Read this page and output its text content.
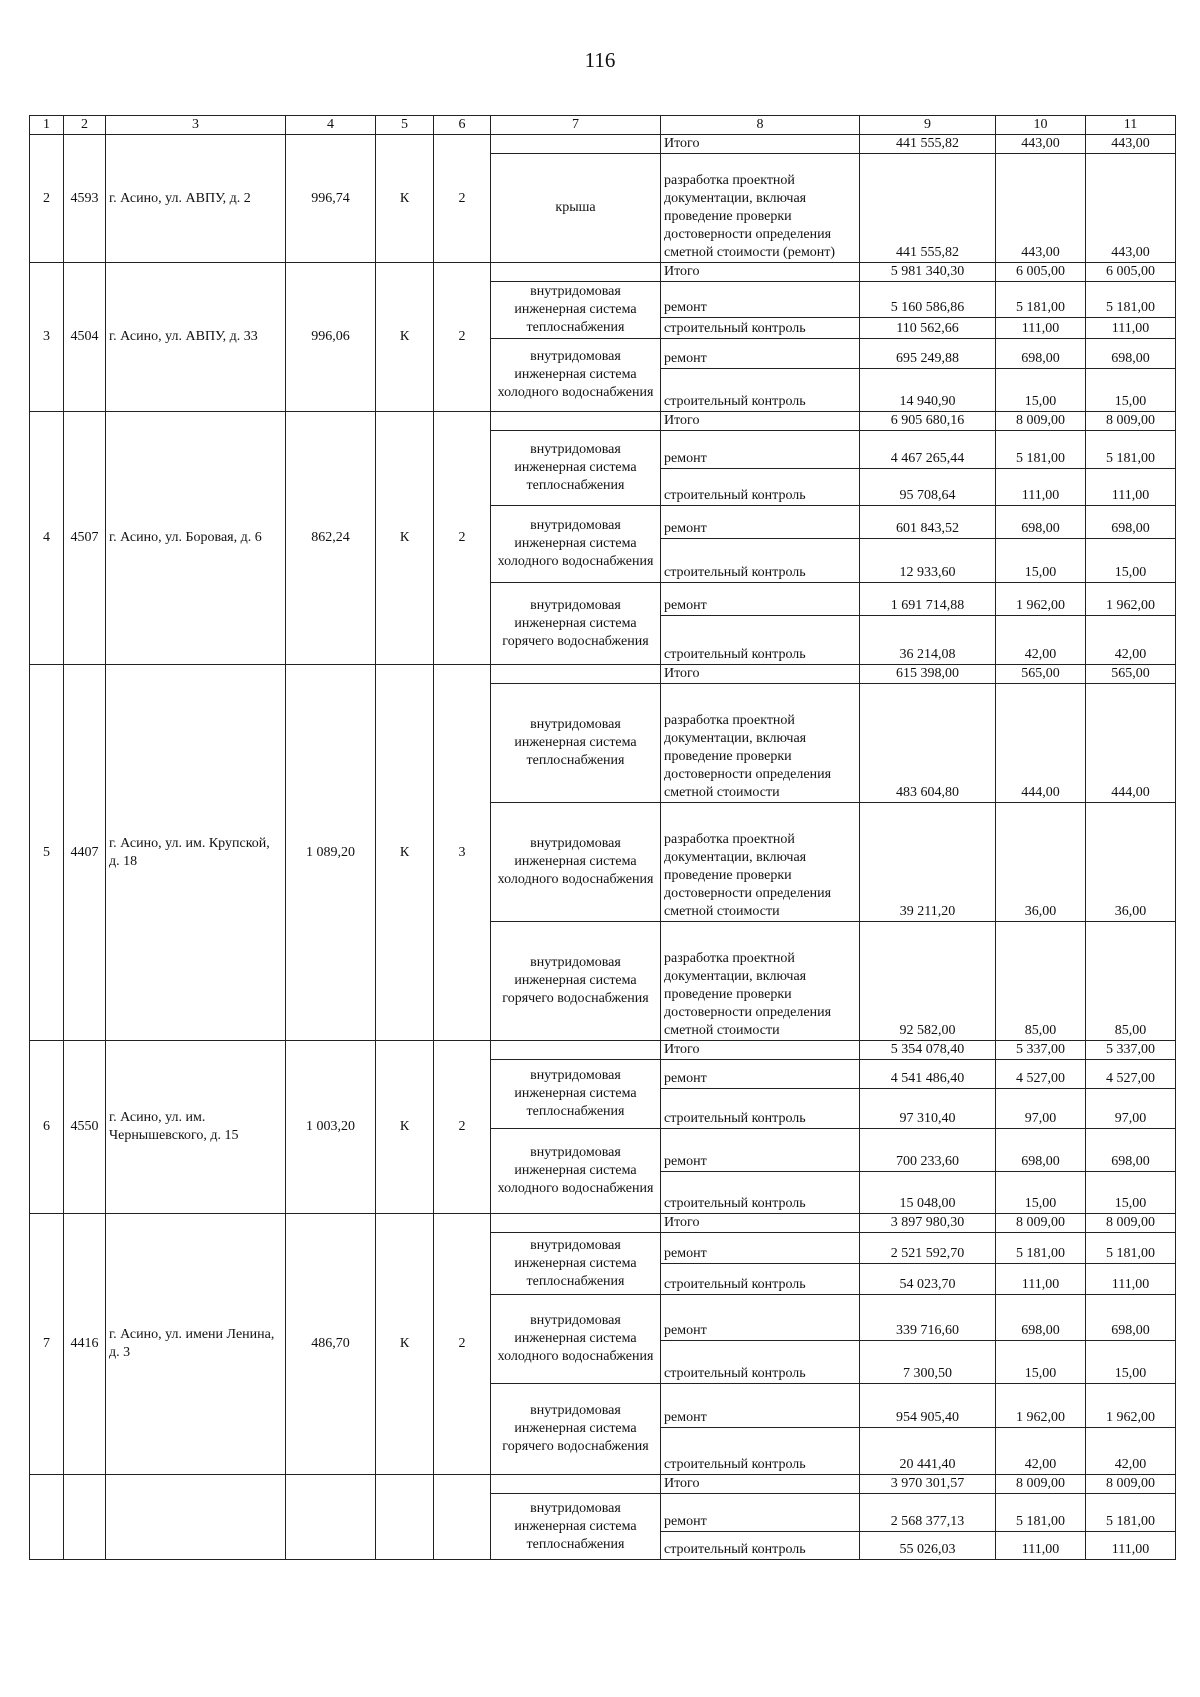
116
1	2	3	4	5	6	7	8	9	10	11
2	4593	г. Асино, ул. АВПУ, д. 2	996,74	К	2		Итого	441 555,82	443,00	443,00
						крыша	разработка проектной документации, включая проведение проверки достоверности определения сметной стоимости (ремонт)	441 555,82	443,00	443,00
3	4504	г. Асино, ул. АВПУ, д. 33	996,06	К	2		Итого	5 981 340,30	6 005,00	6 005,00
						внутридомовая инженерная система теплоснабжения	ремонт	5 160 586,86	5 181,00	5 181,00
							строительный контроль	110 562,66	111,00	111,00
						внутридомовая инженерная система холодного водоснабжения	ремонт	695 249,88	698,00	698,00
							строительный контроль	14 940,90	15,00	15,00
4	4507	г. Асино, ул. Боровая, д. 6	862,24	К	2		Итого	6 905 680,16	8 009,00	8 009,00
						внутридомовая инженерная система теплоснабжения	ремонт	4 467 265,44	5 181,00	5 181,00
							строительный контроль	95 708,64	111,00	111,00
						внутридомовая инженерная система холодного водоснабжения	ремонт	601 843,52	698,00	698,00
							строительный контроль	12 933,60	15,00	15,00
						внутридомовая инженерная система горячего водоснабжения	ремонт	1 691 714,88	1 962,00	1 962,00
							строительный контроль	36 214,08	42,00	42,00
5	4407	г. Асино, ул. им. Крупской, д. 18	1 089,20	К	3		Итого	615 398,00	565,00	565,00
						внутридомовая инженерная система теплоснабжения	разработка проектной документации, включая проведение проверки достоверности определения сметной стоимости	483 604,80	444,00	444,00
						внутридомовая инженерная система холодного водоснабжения	разработка проектной документации, включая проведение проверки достоверности определения сметной стоимости	39 211,20	36,00	36,00
						внутридомовая инженерная система горячего водоснабжения	разработка проектной документации, включая проведение проверки достоверности определения сметной стоимости	92 582,00	85,00	85,00
6	4550	г. Асино, ул. им. Чернышевского, д. 15	1 003,20	К	2		Итого	5 354 078,40	5 337,00	5 337,00
						внутридомовая инженерная система теплоснабжения	ремонт	4 541 486,40	4 527,00	4 527,00
							строительный контроль	97 310,40	97,00	97,00
						внутридомовая инженерная система холодного водоснабжения	ремонт	700 233,60	698,00	698,00
							строительный контроль	15 048,00	15,00	15,00
7	4416	г. Асино, ул. имени Ленина, д. 3	486,70	К	2		Итого	3 897 980,30	8 009,00	8 009,00
						внутридомовая инженерная система теплоснабжения	ремонт	2 521 592,70	5 181,00	5 181,00
							строительный контроль	54 023,70	111,00	111,00
						внутридомовая инженерная система холодного водоснабжения	ремонт	339 716,60	698,00	698,00
							строительный контроль	7 300,50	15,00	15,00
						внутридомовая инженерная система горячего водоснабжения	ремонт	954 905,40	1 962,00	1 962,00
							строительный контроль	20 441,40	42,00	42,00
							Итого	3 970 301,57	8 009,00	8 009,00
						внутридомовая инженерная система теплоснабжения	ремонт	2 568 377,13	5 181,00	5 181,00
							строительный контроль	55 026,03	111,00	111,00
